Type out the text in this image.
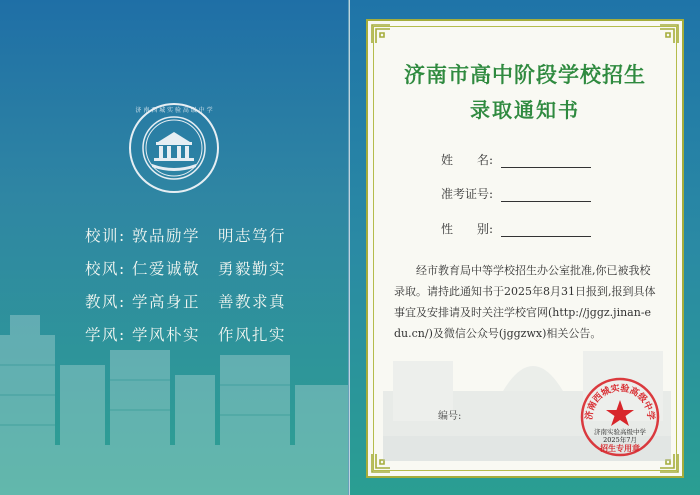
济 南 西 城 实 验 高 级 中 学
校训: 敦品励学	明志笃行
校风: 仁爱诚敬	勇毅勤实
教风: 学高身正	善教求真
学风: 学风朴实	作风扎实
济南市高中阶段学校招生
录取通知书
姓　　名:
准考证号:
性　　别:
经市教育局中等学校招生办公室批准,你已被我校录取。请持此通知书于2025年8月31日报到,报到具体事宜及安排请及时关注学校官网(http://jggz.jinan-edu.cn/)及微信公众号(jggzwx)相关公告。
编号:	济南西城实验高级中学
济南实验高级中学
2025年7月
招生专用章
